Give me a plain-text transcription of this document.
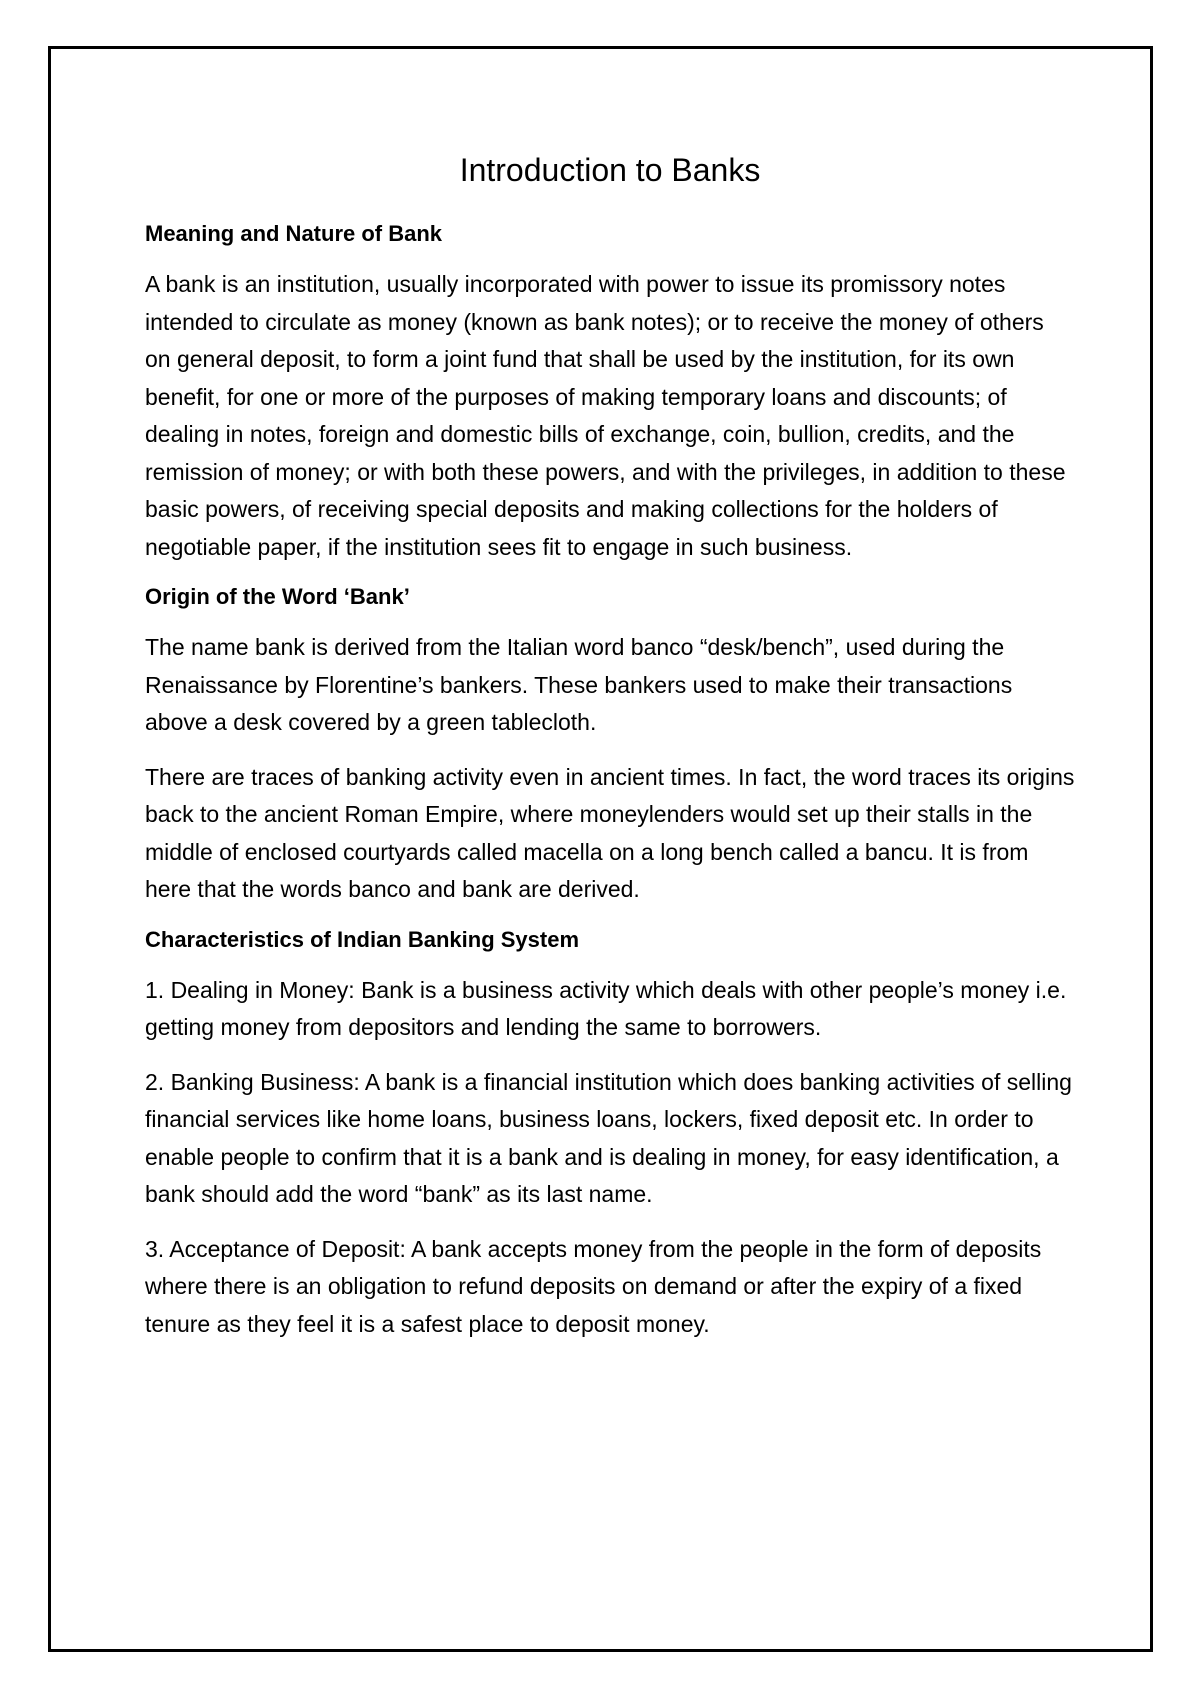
Introduction to Banks
Meaning and Nature of Bank

A bank is an institution, usually incorporated with power to issue its promissory notes intended to circulate as money (known as bank notes); or to receive the money of others on general deposit, to form a joint fund that shall be used by the institution, for its own benefit, for one or more of the purposes of making temporary loans and discounts; of dealing in notes, foreign and domestic bills of exchange, coin, bullion, credits, and the remission of money; or with both these powers, and with the privileges, in addition to these basic powers, of receiving special deposits and making collections for the holders of negotiable paper, if the institution sees fit to engage in such business.

Origin of the Word ‘Bank’

The name bank is derived from the Italian word banco “desk/bench”, used during the Renaissance by Florentine’s bankers. These bankers used to make their transactions above a desk covered by a green tablecloth.

There are traces of banking activity even in ancient times. In fact, the word traces its origins back to the ancient Roman Empire, where moneylenders would set up their stalls in the middle of enclosed courtyards called macella on a long bench called a bancu. It is from here that the words banco and bank are derived.

Characteristics of Indian Banking System

1. Dealing in Money: Bank is a business activity which deals with other people’s money i.e. getting money from depositors and lending the same to borrowers.

2. Banking Business: A bank is a financial institution which does banking activities of selling financial services like home loans, business loans, lockers, fixed deposit etc. In order to enable people to confirm that it is a bank and is dealing in money, for easy identification, a bank should add the word “bank” as its last name.

3. Acceptance of Deposit: A bank accepts money from the people in the form of deposits where there is an obligation to refund deposits on demand or after the expiry of a fixed tenure as they feel it is a safest place to deposit money.
